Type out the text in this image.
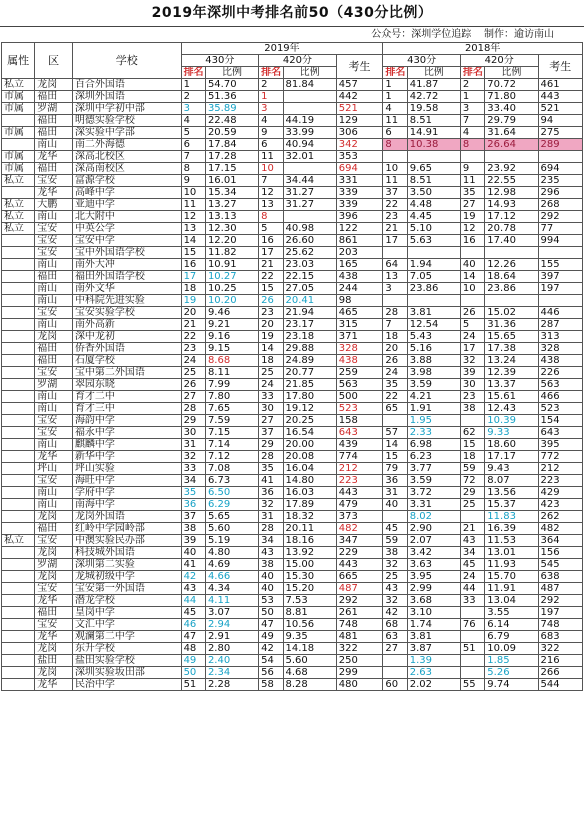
2019年深圳中考排名前50（430分比例）
公众号：深圳学位追踪    制作：逾访南山
属性	区	学校	2019年					2018年				
			430分		420分		考生	430分		420分		考生
			排名	比例	排名	比例		排名	比例	排名	比例	
私立	龙岗	百合外国语	1	54.70	2	81.84	457	1	41.87	2	70.72	461
市属	福田	深圳外国语	2	51.36	1		442	1	42.72	1	71.80	443
市属	罗湖	深圳中学初中部	3	35.89	3		521	4	19.58	3	33.40	521
	福田	明德实验学校	4	22.48	4	44.19	129	11	8.51	7	29.79	94
市属	福田	深实验中学部	5	20.59	9	33.99	306	6	14.91	4	31.64	275
	南山	南二外海德	6	17.84	6	40.94	342	8	10.38	8	26.64	289
市属	龙华	深高北校区	7	17.28	11	32.01	353					
市属	福田	深高南校区	8	17.15	10		694	10	9.65	9	23.92	694
私立	宝安	富源学校	9	16.01	7	34.44	331	11	8.51	11	22.55	235
	龙华	高峰中学	10	15.34	12	31.27	339	37	3.50	35	12.98	296
私立	大鹏	亚迪中学	11	13.27	13	31.27	339	22	4.48	27	14.93	268
私立	南山	北大附中	12	13.13	8		396	23	4.45	19	17.12	292
私立	宝安	中英公学	13	12.30	5	40.98	122	21	5.10	12	20.78	77
	宝安	宝安中学	14	12.20	16	26.60	861	17	5.63	16	17.40	994
	宝安	宝中外国语学校	15	11.82	17	25.62	203					
	南山	南外大冲	16	10.91	21	23.03	165	64	1.94	40	12.26	155
	福田	福田外国语学校	17	10.27	22	22.15	438	13	7.05	14	18.64	397
	南山	南外文华	18	10.25	15	27.05	244	3	23.86	10	23.86	197
	南山	中科院先进实验	19	10.20	26	20.41	98					
	宝安	宝安实验学校	20	9.46	23	21.94	465	28	3.81	26	15.02	446
	南山	南外高新	21	9.21	20	23.17	315	7	12.54	5	31.36	287
	龙岗	深中龙初	22	9.16	19	23.18	371	18	5.43	24	15.65	313
	福田	侨香外国语	23	9.15	14	29.88	328	20	5.16	17	17.38	328
	福田	石厦学校	24	8.68	18	24.89	438	26	3.88	32	13.24	438
	宝安	宝中第二外国语	25	8.11	25	20.77	259	24	3.98	39	12.39	226
	罗湖	翠园东晓	26	7.99	24	21.85	563	35	3.59	30	13.37	563
	南山	育才二中	27	7.80	33	17.80	500	22	4.21	23	15.61	466
	南山	育才三中	28	7.65	30	19.12	523	65	1.91	38	12.43	523
	宝安	海韵中学	29	7.59	27	20.25	158		1.95		10.39	154
	宝安	福永中学	30	7.15	37	16.54	643	57	2.33	62	9.33	643
	南山	麒麟中学	31	7.14	29	20.00	439	14	6.98	15	18.60	395
	龙华	新华中学	32	7.12	28	20.08	774	15	6.23	18	17.17	772
	坪山	坪山实验	33	7.08	35	16.04	212	79	3.77	59	9.43	212
	宝安	海旺中学	34	6.73	41	14.80	223	36	3.59	72	8.07	223
	南山	学府中学	35	6.50	36	16.03	443	31	3.72	29	13.56	429
	南山	南海中学	36	6.29	32	17.89	479	40	3.31	25	15.37	423
	龙岗	龙岗外国语	37	5.65	31	18.32	373		8.02		11.83	262
	福田	红岭中学园岭部	38	5.60	28	20.11	482	45	2.90	21	16.39	482
私立	宝安	中澳实验民办部	39	5.19	34	18.16	347	59	2.07	43	11.53	364
	龙岗	科技城外国语	40	4.80	43	13.92	229	38	3.42	34	13.01	156
	罗湖	深圳第二实验	41	4.69	38	15.00	443	32	3.63	45	11.93	545
	龙岗	龙城初级中学	42	4.66	40	15.30	665	25	3.95	24	15.70	638
	宝安	宝安第一外国语	43	4.34	40	15.20	487	43	2.99	44	11.91	487
	龙华	潜龙学校	44	4.11	53	7.53	292	32	3.68	33	13.04	292
	福田	皇岗中学	45	3.07	50	8.81	261	42	3.10		3.55	197
	宝安	文汇中学	46	2.94	47	10.56	748	68	1.74	76	6.14	748
	龙华	观澜第二中学	47	2.91	49	9.35	481	63	3.81		6.79	683
	龙岗	东升学校	48	2.80	42	14.18	322	27	3.87	51	10.09	322
	盐田	盐田实验学校	49	2.40	54	5.60	250		1.39		1.85	216
	龙岗	深圳实验坂田部	50	2.34	56	4.68	299		2.63		5.26	266
	龙华	民治中学	51	2.28	58	8.28	480	60	2.02	55	9.74	544
